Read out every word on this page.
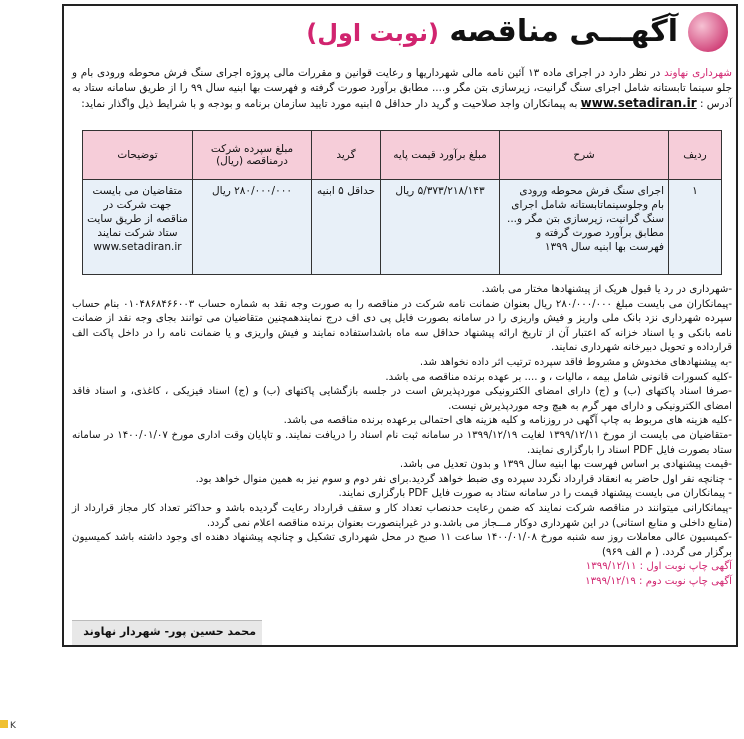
آگهـــی مناقصه (نوبت اول)
شهرداری نهاوند در نظر دارد در اجرای ماده ۱۳ آئین نامه مالی شهرداریها و رعایت قوانین و مقررات مالی پروژه اجرای سنگ فرش محوطه ورودی بام و جلو سینما تابستانه شامل اجرای سنگ گرانیت، زیرسازی بتن مگر و.... مطابق برآورد صورت گرفته و فهرست بها ابنیه سال ۹۹ را از طریق سامانه ستاد به آدرس : www.setadiran.ir به پیمانکاران واجد صلاحیت و گرید دار حداقل ۵ ابنیه مورد تایید سازمان برنامه و بودجه و با شرایط ذیل واگذار نماید:
ردیف	شرح	مبلغ برآورد قیمت پایه	گرید	مبلغ سپرده شرکت درمناقصه (ریال)	توضیحات
۱	اجرای سنگ فرش محوطه ورودی بام وجلوسینماتابستانه شامل اجرای سنگ گرانیت، زیرسازی بتن مگر و... مطابق برآورد صورت گرفته و فهرست بها ابنیه سال ۱۳۹۹	۵/۳۷۳/۲۱۸/۱۴۳ ریال	حداقل ۵ ابنیه	۲۸۰/۰۰۰/۰۰۰ ریال	متقاضیان می بایست جهت شرکت در مناقصه از طریق سایت ستاد شرکت نمایند www.setadiran.ir

-شهرداری در رد یا قبول هریک از پیشنهادها مختار می باشد.

-پیمانکاران می بایست مبلغ ۲۸۰/۰۰۰/۰۰۰ ریال بعنوان ضمانت نامه شرکت در مناقصه را به صورت وجه نقد به شماره حساب ۰۱۰۴۸۶۸۴۶۶۰۰۳ بنام حساب سپرده شهرداری نزد بانک ملی واریز و فیش واریزی را در سامانه بصورت فایل پی دی اف درج نمایندهمچنین متقاضیان می توانند بجای وجه نقد از ضمانت نامه بانکی و یا اسناد خزانه که اعتبار آن از تاریخ ارائه پیشنهاد حداقل سه ماه باشداستفاده نمایند و فیش واریزی و یا ضمانت نامه را در داخل پاکت الف قرارداده و تحویل دبیرخانه شهرداری نمایند.

-به پیشنهادهای مخدوش و مشروط فاقد سپرده ترتیب اثر داده نخواهد شد.

-کلیه کسورات قانونی شامل بیمه ، مالیات ، و .... بر عهده برنده مناقصه می باشد.

-صرفا اسناد پاکتهای (ب) و (ج) دارای امضای الکترونیکی موردپذیرش است در جلسه بازگشایی پاکتهای (ب) و (ج) اسناد فیزیکی ، کاغذی، و اسناد فاقد امضای الکترونیکی و دارای مهر گرم به هیچ وجه موردپذیرش نیست.

-کلیه هزینه های مربوط به چاپ آگهی در روزنامه و کلیه هزینه های احتمالی برعهده برنده مناقصه می باشد.

-متقاضیان می بایست از مورخ ۱۳۹۹/۱۲/۱۱ لغایت ۱۳۹۹/۱۲/۱۹ در سامانه ثبت نام اسناد را دریافت نمایند. و تاپایان وقت اداری مورخ ۱۴۰۰/۰۱/۰۷ در سامانه ستاد بصورت فایل PDF اسناد را بارگزاری نمایند.

-قیمت پیشنهادی بر اساس فهرست بها ابنیه سال ۱۳۹۹ و بدون تعدیل می باشد.

- چنانچه نفر اول حاضر به انعقاد قرارداد نگردد سپرده وی ضبط خواهد گردید.برای نفر دوم و سوم نیز به همین منوال خواهد بود.

- پیمانکاران می بایست پیشنهاد قیمت را در سامانه ستاد به صورت فایل PDF بارگزاری نمایند.

-پیمانکارانی میتوانند در مناقصه شرکت نمایند که ضمن رعایت حدنصاب تعداد کار و سقف قرارداد رعایت گردیده باشد و حداکثر تعداد کار مجاز قرارداد از (منابع داخلی و منابع استانی) در این شهرداری دوکار مـــجاز می باشد.و در غیراینصورت بعنوان برنده مناقصه اعلام نمی گردد.

-کمیسیون عالی معاملات روز سه شنبه مورخ ۱۴۰۰/۰۱/۰۸ ساعت ۱۱ صبح در محل شهرداری تشکیل و چنانچه پیشنهاد دهنده ای وجود داشته باشد کمیسیون برگزار می گردد. ( م الف ۹۶۹)

آگهی چاپ نوبت اول : ۱۳۹۹/۱۲/۱۱

آگهی چاپ نوبت دوم : ۱۳۹۹/۱۲/۱۹

محمد حسین پور- شهردار نهاوند
K
